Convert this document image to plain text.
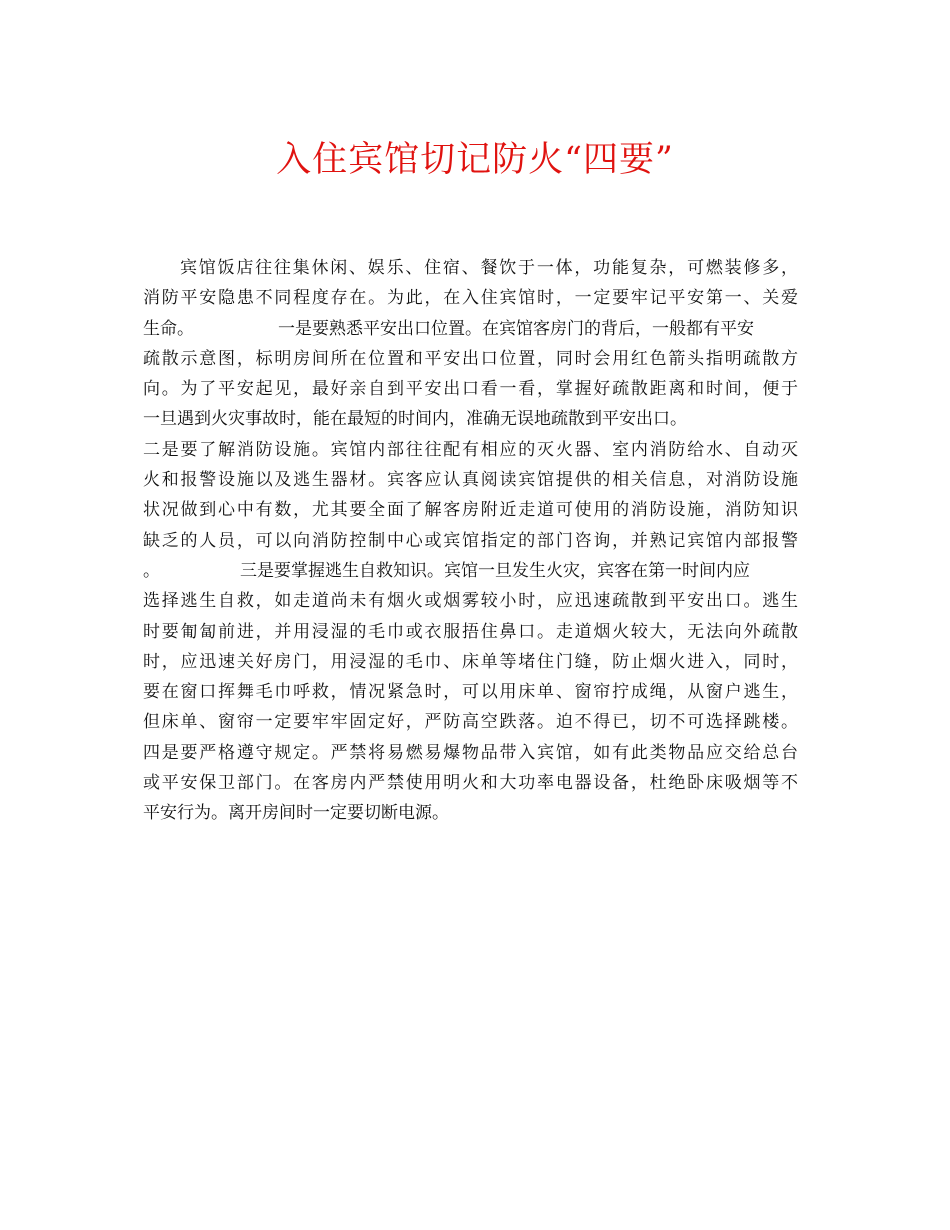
入住宾馆切记防火“四要”
宾馆饭店往往集休闲、娱乐、住宿、餐饮于一体，功能复杂，可燃装修多，
消防平安隐患不同程度存在。为此，在入住宾馆时，一定要牢记平安第一、关爱
生命。	一是要熟悉平安出口位置。在宾馆客房门的背后，一般都有平安
疏散示意图，标明房间所在位置和平安出口位置，同时会用红色箭头指明疏散方
向。为了平安起见，最好亲自到平安出口看一看，掌握好疏散距离和时间，便于
一旦遇到火灾事故时，能在最短的时间内，准确无误地疏散到平安出口。
二是要了解消防设施。宾馆内部往往配有相应的灭火器、室内消防给水、自动灭
火和报警设施以及逃生器材。宾客应认真阅读宾馆提供的相关信息，对消防设施
状况做到心中有数，尤其要全面了解客房附近走道可使用的消防设施，消防知识
缺乏的人员，可以向消防控制中心或宾馆指定的部门咨询，并熟记宾馆内部报警
。	三是要掌握逃生自救知识。宾馆一旦发生火灾，宾客在第一时间内应
选择逃生自救，如走道尚未有烟火或烟雾较小时，应迅速疏散到平安出口。逃生
时要匍匐前进，并用浸湿的毛巾或衣服捂住鼻口。走道烟火较大，无法向外疏散
时，应迅速关好房门，用浸湿的毛巾、床单等堵住门缝，防止烟火进入，同时，
要在窗口挥舞毛巾呼救，情况紧急时，可以用床单、窗帘拧成绳，从窗户逃生，
但床单、窗帘一定要牢牢固定好，严防高空跌落。迫不得已，切不可选择跳楼。
四是要严格遵守规定。严禁将易燃易爆物品带入宾馆，如有此类物品应交给总台
或平安保卫部门。在客房内严禁使用明火和大功率电器设备，杜绝卧床吸烟等不
平安行为。离开房间时一定要切断电源。
